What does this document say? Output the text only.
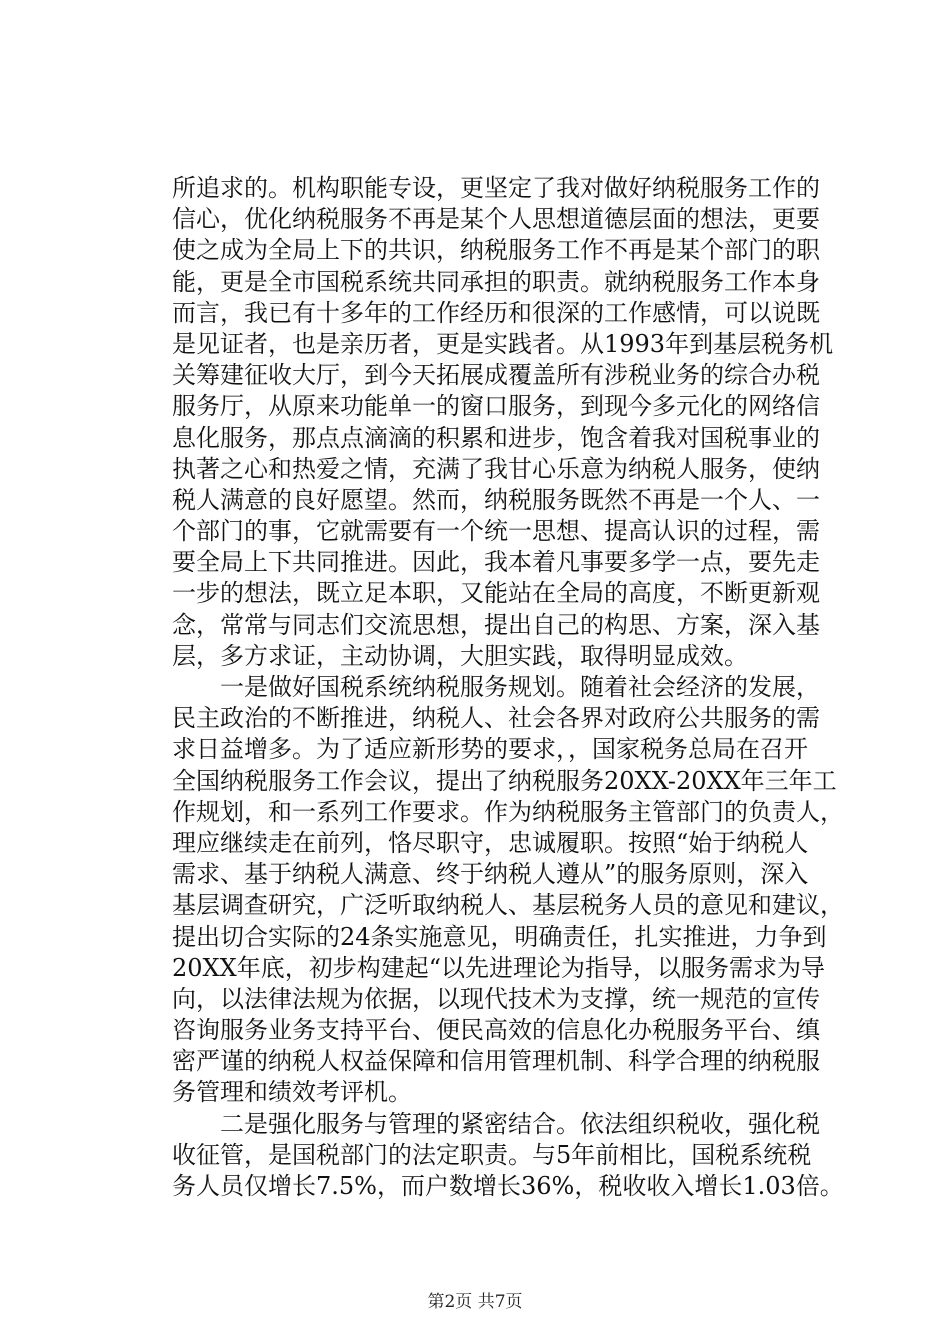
所追求的。机构职能专设，更坚定了我对做好纳税服务工作的
信心，优化纳税服务不再是某个人思想道德层面的想法，更要
使之成为全局上下的共识，纳税服务工作不再是某个部门的职
能，更是全市国税系统共同承担的职责。就纳税服务工作本身
而言，我已有十多年的工作经历和很深的工作感情，可以说既
是见证者，也是亲历者，更是实践者。从1993年到基层税务机
关筹建征收大厅，到今天拓展成覆盖所有涉税业务的综合办税
服务厅，从原来功能单一的窗口服务，到现今多元化的网络信
息化服务，那点点滴滴的积累和进步，饱含着我对国税事业的
执著之心和热爱之情，充满了我甘心乐意为纳税人服务，使纳
税人满意的良好愿望。然而，纳税服务既然不再是一个人、一
个部门的事，它就需要有一个统一思想、提高认识的过程，需
要全局上下共同推进。因此，我本着凡事要多学一点，要先走
一步的想法，既立足本职，又能站在全局的高度，不断更新观
念，常常与同志们交流思想，提出自己的构思、方案，深入基
层，多方求证，主动协调，大胆实践，取得明显成效。
一是做好国税系统纳税服务规划。随着社会经济的发展，
民主政治的不断推进，纳税人、社会各界对政府公共服务的需
求日益增多。为了适应新形势的要求，，国家税务总局在召开
全国纳税服务工作会议，提出了纳税服务20XX-20XX年三年工
作规划，和一系列工作要求。作为纳税服务主管部门的负责人，
理应继续走在前列，恪尽职守，忠诚履职。按照“始于纳税人
需求、基于纳税人满意、终于纳税人遵从”的服务原则，深入
基层调查研究，广泛听取纳税人、基层税务人员的意见和建议，
提出切合实际的24条实施意见，明确责任，扎实推进，力争到
20XX年底，初步构建起“以先进理论为指导，以服务需求为导
向，以法律法规为依据，以现代技术为支撑，统一规范的宣传
咨询服务业务支持平台、便民高效的信息化办税服务平台、缜
密严谨的纳税人权益保障和信用管理机制、科学合理的纳税服
务管理和绩效考评机。
二是强化服务与管理的紧密结合。依法组织税收，强化税
收征管，是国税部门的法定职责。与5年前相比，国税系统税
务人员仅增长7.5%，而户数增长36%，税收收入增长1.03倍。
第2页 共7页
